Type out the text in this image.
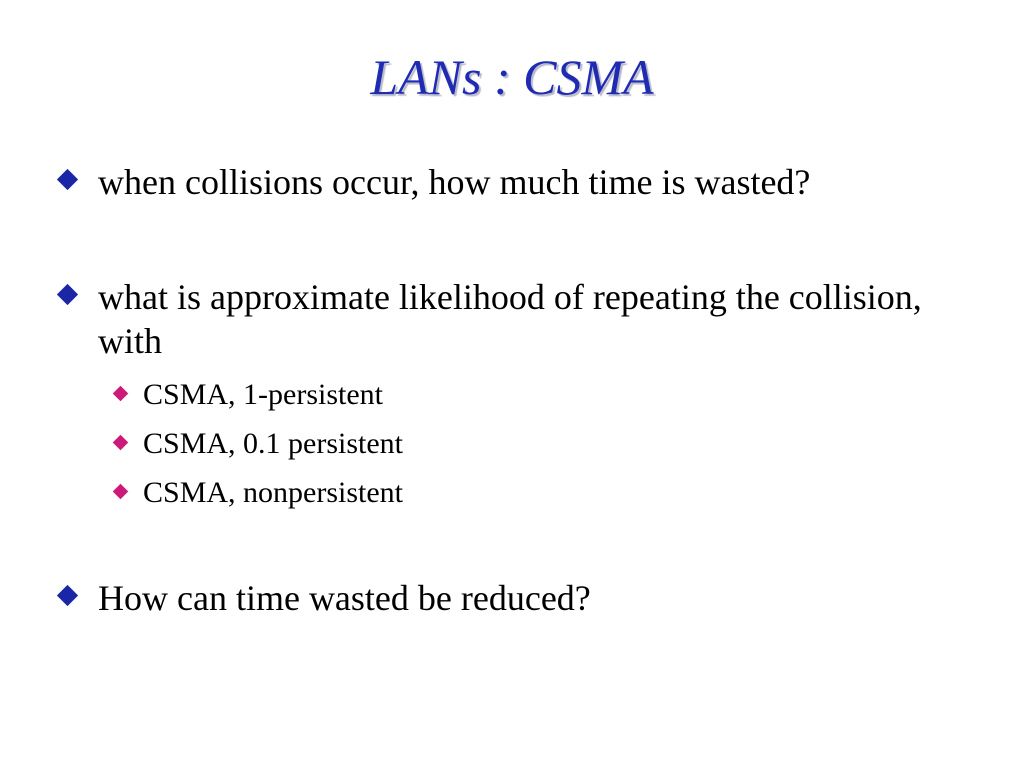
LANs : CSMA
when collisions occur, how much time is wasted?
what is approximate likelihood of repeating the collision, with
CSMA, 1-persistent
CSMA, 0.1 persistent
CSMA, nonpersistent
How can time wasted be reduced?
